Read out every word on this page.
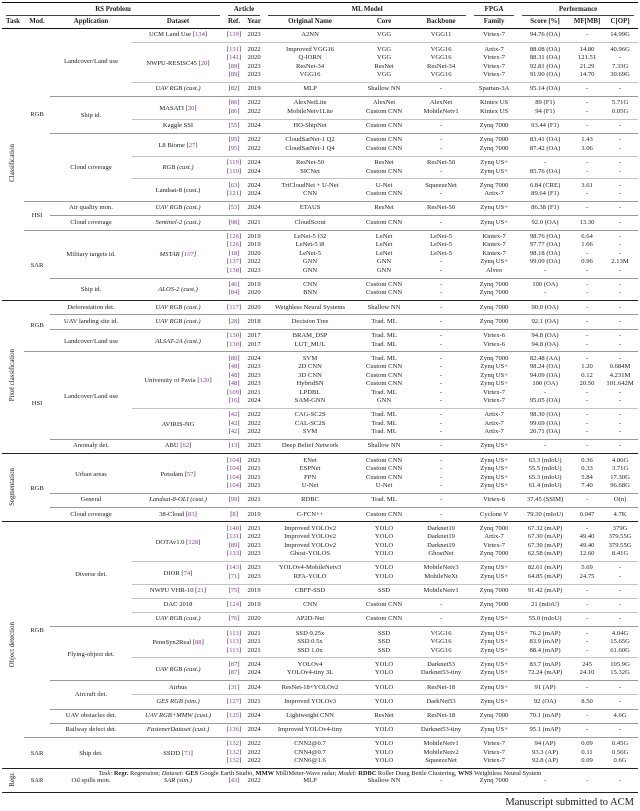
RS Problem				Article		ML Model			FPGA	Performance		

Task	Mod.	Application	Dataset	Ref.	Year	Original Name	Core	Backbone	Family	Score [%]	MF[MB]	C[OP]
Classification	RGB	Landcover/Land use	UCM Land Use [134]	[139]	2023	A2NN	VGG	VGG11	Virtex-7	94.76 (OA)	-	14.99G
			NWPU-RESISC45 [20]	[131]	2022	Improved VGG16	VGG	VGG16	Artix-7	88.08 (OA)	14.80	40.96G
				[141]	2020	Q-IORN	VGG	VGG16	Virtex-7	88.31 (OA)	121.51	-
				[89]	2023	ResNet-34	ResNet	ResNet-34	Virtex-7	92.81 (OA)	21.29	7.33G
				[89]	2023	VGG16	VGG	VGG16	Virtex-7	91.90 (OA)	14.70	30.69G
			UAV RGB (cust.)	[82]	2019	MLP	Shallow NN	-	Spartan-3A	95.14 (OA)	-	-
		Ship id.	MASATI [30]	[86]	2022	AlexNetLite	AlexNet	AlexNet	Kintex US	89 (F1)	-	5.71G
				[86]	2022	MobileNetv1Lite	Custom CNN	MobileNetv1	Kintex US	94 (F1)	-	0.05G
			Kaggle SSI	[55]	2024	HO-ShipNet	Custom CNN	-	Zynq 7000	93.44 (F1)	-	-
		Cloud coverage	L8 Biome [27]	[95]	2022	CloudSatNet-1 Q2	Custom CNN	-	Zynq 7000	83.41 (OA)	1.43	-
				[95]	2022	CloudSatNet-1 Q4	Custom CNN	-	Zynq 7000	87.42 (OA)	3.06	-
			RGB (cust.)	[119]	2024	ResNet-50	ResNet	ResNet-50	Zynq US+	-	-	-
				[119]	2024	SICNet	Custom CNN	-	Zynq US+	85.76 (OA)	-	-
			Landsat-8 (cust.)	[63]	2024	TriCloudNet + U-Net	U-Net	SqueezeNet	Zynq 7000	6.84 (CRE)	3.61	-
				[121]	2024	CNN	Custom CNN	-	Artix-7	89.64 (F1)	-	-
	HSI	Air quality mon.	UAV RGB (cust.)	[53]	2024	ETAUS	ResNet	ResNet-50	Zynq US+	86.38 (F1)	-	-
		Cloud coverage	Sentinel-2 (cust.)	[98]	2021	CloudScout	Custom CNN	-	Zynq US+	92.0 (OA)	13.30	-
	SAR	Military targets id.	MSTAR [107]	[126]	2019	LeNet-5 f32	LeNet	LeNet-5	Kintex-7	98.76 (OA)	6.64	-
				[126]	2019	LeNet-5 i8	LeNet	LeNet-5	Kintex-7	97.77 (OA)	1.66	-
				[18]	2020	LeNet-5	LeNet	LeNet-5	Kintex-7	98.18 (OA)	-	-
				[137]	2022	GNN	GNN	-	Zynq US+	99.09 (OA)	0.96	2.13M
				[138]	2023	GNN	GNN	-	Alveo	-	-	-
		Ship id.	ALOS-2 (cust.)	[46]	2019	CNN	Custom CNN	-	Zynq 7000	100 (OA)	-	-
				[84]	2020	BNN	Custom CNN	-	Zynq 7000	-	-	-
Pixel classification	RGB	Deforestation det.	UAV RGB (cust.)	[117]	2020	Weighless Neural Systems	Shallow NN	-	Zynq 7000	90.0 (OA)	-	-
		UAV landing site id.	UAV RGB (cust.)	[28]	2018	Decision Tree	Trad. ML	-	Zynq 7000	92.1 (OA)	-	-
		Landcover/Land use	ALSAT-2A (cust.)	[130]	2017	BRAM_DSP	Trad. ML	-	Virtex-6	94.8 (OA)	-	-
				[130]	2017	LUT_MUL	Trad. ML	-	Virtex-6	94.8 (OA)	-	-
	HSI	Landcover/Land use	University of Pavia [120]	[80]	2024	SVM	Trad. ML	-	Zynq 7000	82.48 (AA)	-	-
				[48]	2023	2D CNN	Custom CNN	-	Zynq US+	98.24 (OA)	1.20	0.684M
				[48]	2023	3D CNN	Custom CNN	-	Zynq US+	94.09 (OA)	0.12	4.231M
				[48]	2023	HybridSN	Custom CNN	-	Zynq US+	100 (OA)	20.50	101.642M
				[109]	2021	LPDBL	Trad. ML	-	Virtex-7	-	-	-
				[16]	2024	SAM-GNN	GNN	-	Virtex-7	95.05 (OA)	-	-
			AVIRIS-NG	[42]	2022	CAG-SC2S	Trad. ML	-	Artix-7	98.30 (OA)	-	-
				[42]	2022	CAL-SC2S	Trad. ML	-	Artix-7	99.69 (OA)	-	-
				[42]	2022	SVM	Trad. ML	-	Artix-7	20.71 (OA)	-	-
		Anomaly det.	ABU [62]	[13]	2023	Deep Belief Network	Shallow NN	-	Zynq US+	-	-	-
Segmentation	RGB	Urban areas	Potsdam [57]	[104]	2021	ENet	Custom CNN	-	Zynq US+	63.3 (mIoU)	0.36	4.06G
				[104]	2021	ESPNet	Custom CNN	-	Zynq US+	55.5 (mIoU)	0.33	3.71G
				[104]	2021	FPN	Custom CNN	-	Zynq US+	65.3 (mIoU)	5.84	17.30G
				[104]	2021	U-Net	U-Net	-	Zynq US+	61.4 (mIoU)	7.40	96.68G
		General	Landsat-8-OLI (cust.)	[99]	2021	RDBC	Trad. ML	-	Virtex-6	37.45 (SSIM)	-	O(n)
		Cloud coverage	38-Cloud [83]	[8]	2019	C-FCN++	Custom CNN	-	Cyclone V	79.30 (mIoU)	0.047	4.7K
Object detection	RGB	Diverse det.	DOTAv1.0 [128]	[140]	2021	Improved YOLOv2	YOLO	Darknet19	Zynq 7000	67.32 (mAP)	-	379G
				[131]	2022	Improved YOLOv2	YOLO	Darknet19	Artix-7	67.30 (mAP)	49.40	379.55G
				[89]	2023	Improved YOLOv2	YOLO	Darknet19	Virtex-7	67.30 (mAP)	49.40	379.55G
				[133]	2023	Ghost-YOLOS	YOLO	GhostNet	Zynq 7000	62.58 (mAP)	12.60	8.41G
			DIOR [74]	[143]	2023	YOLOv4-MobileNetv3	YOLO	MobileNetv3	Zynq US+	82.61 (mAP)	5.69	-
				[71]	2023	RFA-YOLO	YOLO	MobileNeXt	Zynq US+	64.85 (mAP)	24.75	-
			NWPU VHR-10 [21]	[75]	2019	CBFF-SSD	SSD	MobileNetv1	Zynq 7000	91.42 (mAP)	-	-
			DAC 2018	[124]	2019	CNN	Custom CNN	-	Zynq 7000	21 (mIoU)	-	-
			UAV RGB (cust.)	[76]	2020	AP2D-Net	Custom CNN	-	Zynq US+	55.0 (mIoU)	-	-
		Flying-object det.	PennSyn2Real [88]	[113]	2021	SSD 0.25x	SSD	VGG16	Zynq US+	76.2 (mAP)	-	4.04G
				[113]	2021	SSD 0.5x	SSD	VGG16	Zynq US+	83.9 (mAP)	-	15.65G
				[113]	2021	SSD 1.0x	SSD	VGG16	Zynq US+	88.4 (mAP)	-	61.60G
			UAV RGB (cust.)	[87]	2024	YOLOv4	YOLO	Darknet53	Zynq US+	83.7 (mAP)	245	105.9G
				[87]	2024	YOLOv4-tiny 3L	YOLO	Darknet53-tiny	Zynq US+	72.24 (mAP)	24.10	15.32G
		Aircraft det.	Airbus	[31]	2024	ResNet-18+YOLOv2	YOLO	ResNet-18	Zynq US+	91 (AP)	-	-
			GES RGB (sim.)	[127]	2021	Improved YOLOv3	YOLO	DarkNet53	Zynq US+	92 (OA)	8.50	-
		UAV obstacles det.	UAV RGB+MMW (cust.)	[125]	2024	Lightweight CNN	ResNet	ResNet-18	Zynq 7000	70.1 (mAP)	-	4.6G
		Railway defect det.	FastenerDataset (cust.)	[136]	2024	Improved YOLOv4-tiny	YOLO	Darknet53-tiny	Zynq US+	95.1 (mAP)	-	-
	SAR	Ship det.	SSDD [73]	[132]	2022	CNN2@0.7	YOLO	MobileNetv1	Virtex-7	94 (AP)	0.09	0.45G
				[132]	2022	CNN4@0.7	YOLO	MobileNetv2	Virtex-7	93.3 (AP)	0.11	0.56G
				[132]	2022	CNN6@1.6	YOLO	SqueezeNet	Virtex-7	92.8 (AP)	0.09	0.6G
Regr.	SAR	Oil spills mon.	SAR (sim.)	[43]	2022	MLP	Shallow NN	-	Zynq 7000	-	-	-
Task: Regr. Regression; Dataset: GES Google Earth Studio, MMW MilliMeter-Wave radar; Model: RDBC Roller Dung Bettle Clustering, WNS Weightless Neural System
Manuscript submitted to ACM
